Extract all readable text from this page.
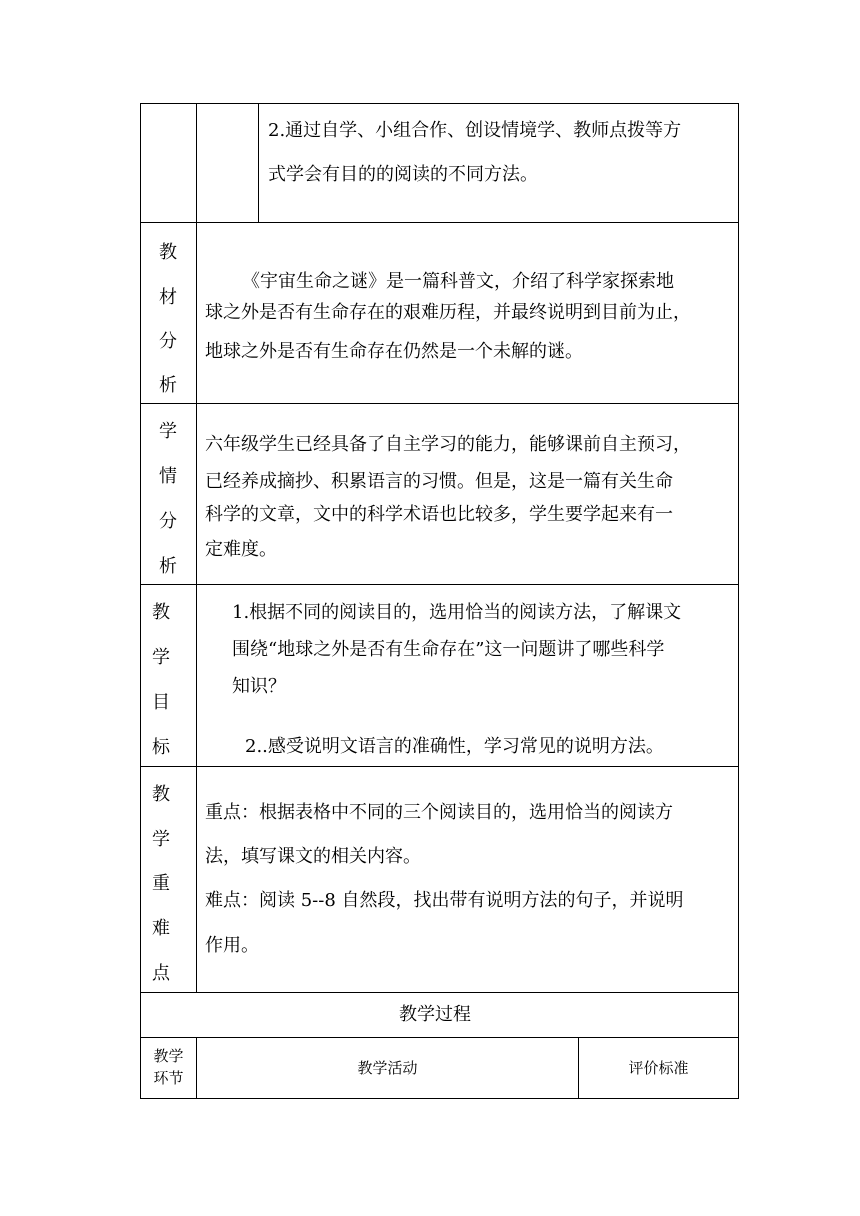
2.通过自学、小组合作、创设情境学、教师点拨等方
式学会有目的的阅读的不同方法。
教
材
分
析
《宇宙生命之谜》是一篇科普文，介绍了科学家探索地
球之外是否有生命存在的艰难历程，并最终说明到目前为止，
地球之外是否有生命存在仍然是一个未解的谜。
学
情
分
析
六年级学生已经具备了自主学习的能力，能够课前自主预习，
已经养成摘抄、积累语言的习惯。但是，这是一篇有关生命
科学的文章，文中的科学术语也比较多，学生要学起来有一
定难度。
教
学
目
标
1.根据不同的阅读目的，选用恰当的阅读方法，了解课文
围绕“地球之外是否有生命存在”这一问题讲了哪些科学
知识？
2..感受说明文语言的准确性，学习常见的说明方法。
教
学
重
难
点
重点：根据表格中不同的三个阅读目的，选用恰当的阅读方
法，填写课文的相关内容。
难点：阅读 5--8 自然段，找出带有说明方法的句子，并说明
作用。
教学过程
教学
环节
教学活动	评价标准
